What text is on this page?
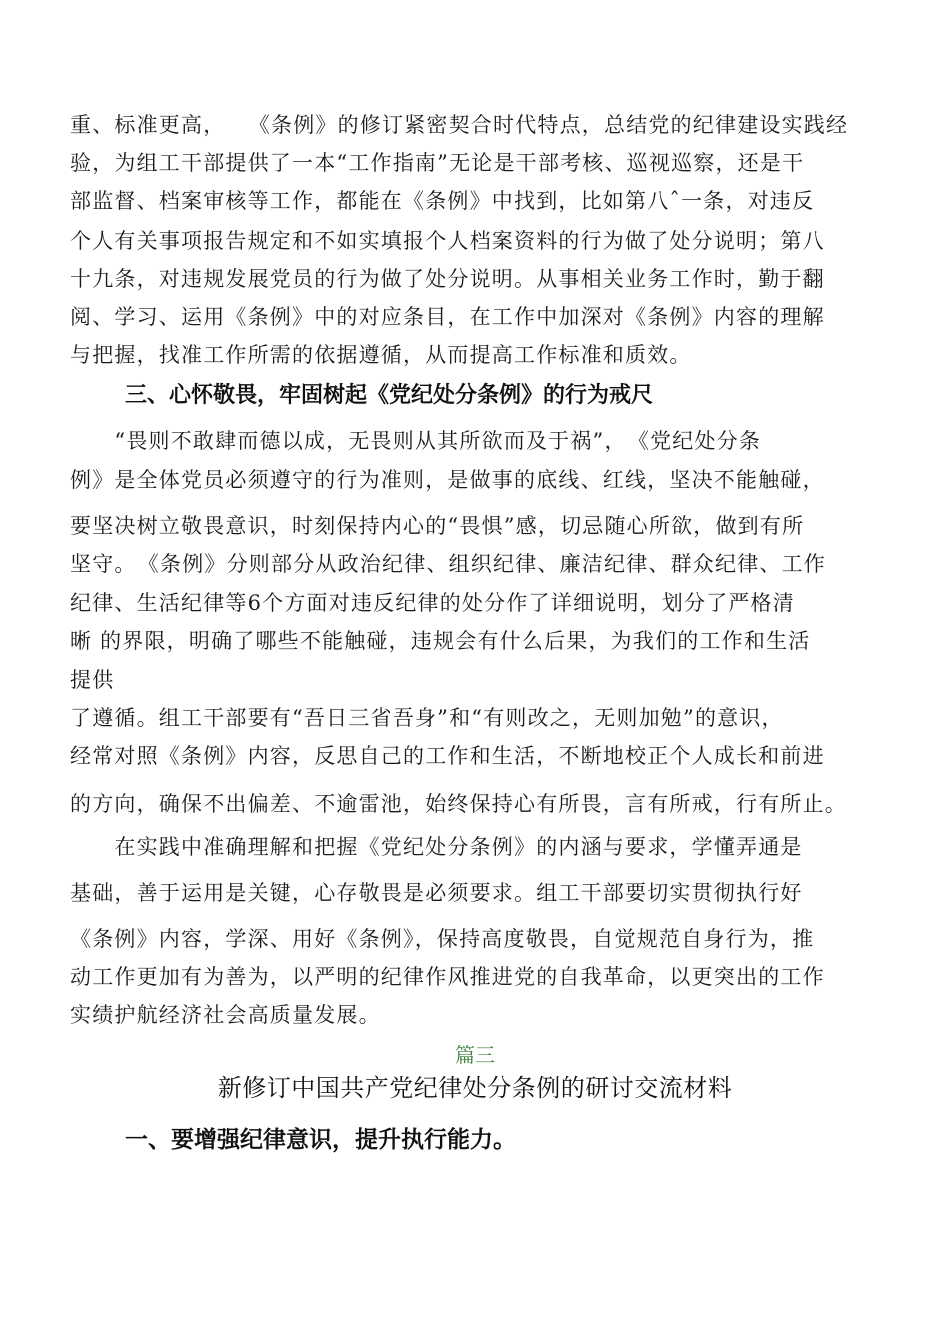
重、标准更高，　　《条例》的修订紧密契合时代特点，总结党的纪律建设实践经
验，为组工干部提供了一本“工作指南”无论是干部考核、巡视巡察，还是干
部监督、档案审核等工作，都能在《条例》中找到，比如第八ˆ一条，对违反
个人有关事项报告规定和不如实填报个人档案资料的行为做了处分说明；第八
十九条，对违规发展党员的行为做了处分说明。从事相关业务工作时，勤于翻
阅、学习、运用《条例》中的对应条目，在工作中加深对《条例》内容的理解
与把握，找准工作所需的依据遵循，从而提高工作标准和质效。
三、心怀敬畏，牢固树起《党纪处分条例》的行为戒尺
　　“畏则不敢肆而德以成，无畏则从其所欲而及于祸”，　《党纪处分条
例》是全体党员必须遵守的行为准则，是做事的底线、红线，坚决不能触碰，
要坚决树立敬畏意识，时刻保持内心的“畏惧”感，切忌随心所欲，做到有所
坚守。　《条例》分则部分从政治纪律、组织纪律、廉洁纪律、群众纪律、工作
纪律、生活纪律等6个方面对违反纪律的处分作了详细说明，划分了严格清
晰 的界限，明确了哪些不能触碰，违规会有什么后果，为我们的工作和生活
提供
了遵循。组工干部要有“吾日三省吾身”和“有则改之，无则加勉”的意识，
经常对照《条例》内容，反思自己的工作和生活，不断地校正个人成长和前进
的方向，确保不出偏差、不逾雷池，始终保持心有所畏，言有所戒，行有所止。
　　在实践中准确理解和把握《党纪处分条例》的内涵与要求，学懂弄通是
基础，善于运用是关键，心存敬畏是必须要求。组工干部要切实贯彻执行好
《条例》内容，学深、用好《条例》，保持高度敬畏，自觉规范自身行为，推
动工作更加有为善为，以严明的纪律作风推进党的自我革命，以更突出的工作
实绩护航经济社会高质量发展。
篇三
新修订中国共产党纪律处分条例的研讨交流材料
一、要增强纪律意识，提升执行能力。
